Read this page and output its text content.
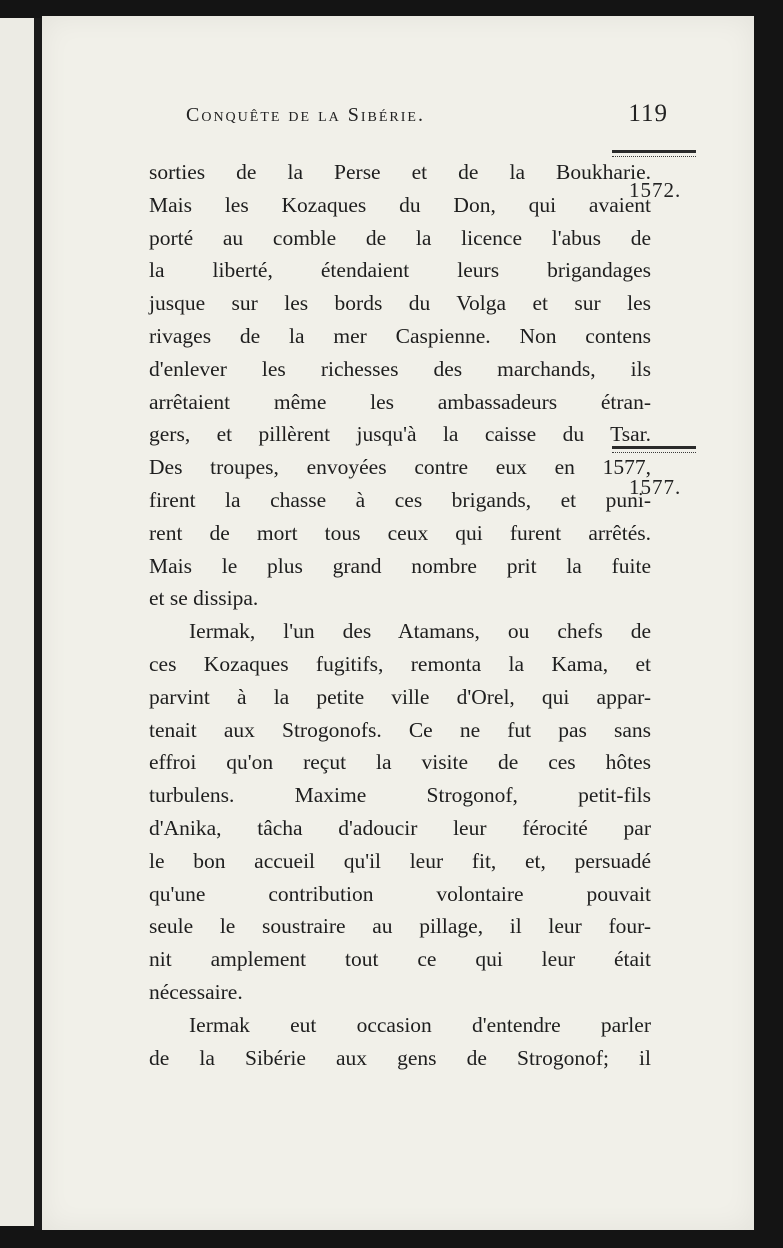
Conquête de la Sibérie.	119
sorties de la Perse et de la Boukharie.
Mais les Kozaques du Don, qui avaient
porté au comble de la licence l'abus de
la liberté, étendaient leurs brigandages
jusque sur les bords du Volga et sur les
rivages de la mer Caspienne. Non contens
d'enlever les richesses des marchands, ils
arrêtaient même les ambassadeurs étran-
gers, et pillèrent jusqu'à la caisse du Tsar.
Des troupes, envoyées contre eux en 1577,
firent la chasse à ces brigands, et puni-
rent de mort tous ceux qui furent arrêtés.
Mais le plus grand nombre prit la fuite
et se dissipa.
Iermak, l'un des Atamans, ou chefs de
ces Kozaques fugitifs, remonta la Kama, et
parvint à la petite ville d'Orel, qui appar-
tenait aux Strogonofs. Ce ne fut pas sans
effroi qu'on reçut la visite de ces hôtes
turbulens. Maxime Strogonof, petit-fils
d'Anika, tâcha d'adoucir leur férocité par
le bon accueil qu'il leur fit, et, persuadé
qu'une contribution volontaire pouvait
seule le soustraire au pillage, il leur four-
nit amplement tout ce qui leur était
nécessaire.
Iermak eut occasion d'entendre parler
de la Sibérie aux gens de Strogonof; il
1572.
1577.
